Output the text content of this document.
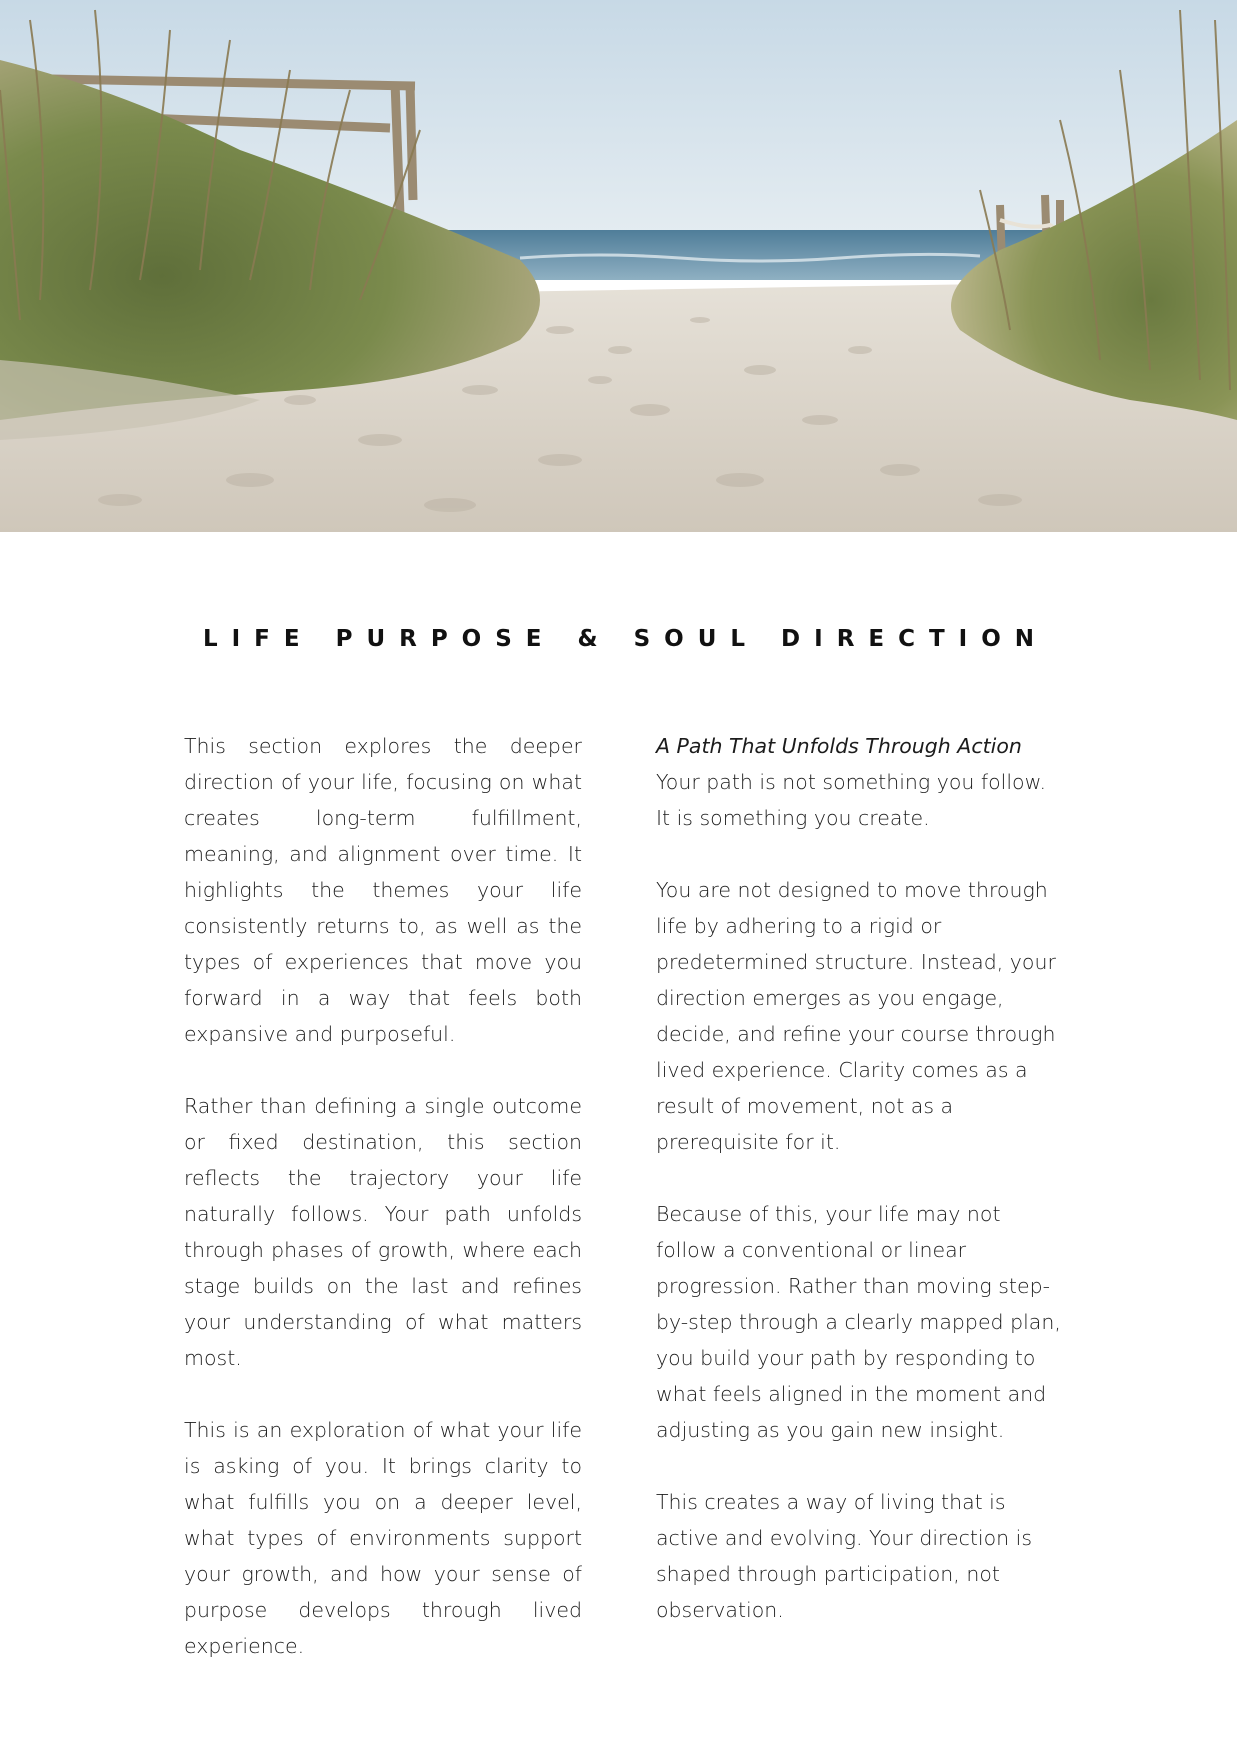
LIFE PURPOSE & SOUL DIRECTION

This section explores the deeper direction of your life, focusing on what creates long-term fulfillment, meaning, and alignment over time. It highlights the themes your life consistently returns to, as well as the types of experiences that move you forward in a way that feels both expansive and purposeful.

Rather than defining a single outcome or fixed destination, this section reflects the trajectory your life naturally follows. Your path unfolds through phases of growth, where each stage builds on the last and refines your understanding of what matters most.

This is an exploration of what your life is asking of you. It brings clarity to what fulfills you on a deeper level, what types of environments support your growth, and how your sense of purpose develops through lived experience.

A Path That Unfolds Through Action
Your path is not something you follow. It is something you create.

You are not designed to move through life by adhering to a rigid or predetermined structure. Instead, your direction emerges as you engage, decide, and refine your course through lived experience. Clarity comes as a result of movement, not as a prerequisite for it.

Because of this, your life may not follow a conventional or linear progression. Rather than moving step-by-step through a clearly mapped plan, you build your path by responding to what feels aligned in the moment and adjusting as you gain new insight.

This creates a way of living that is active and evolving. Your direction is shaped through participation, not observation.
